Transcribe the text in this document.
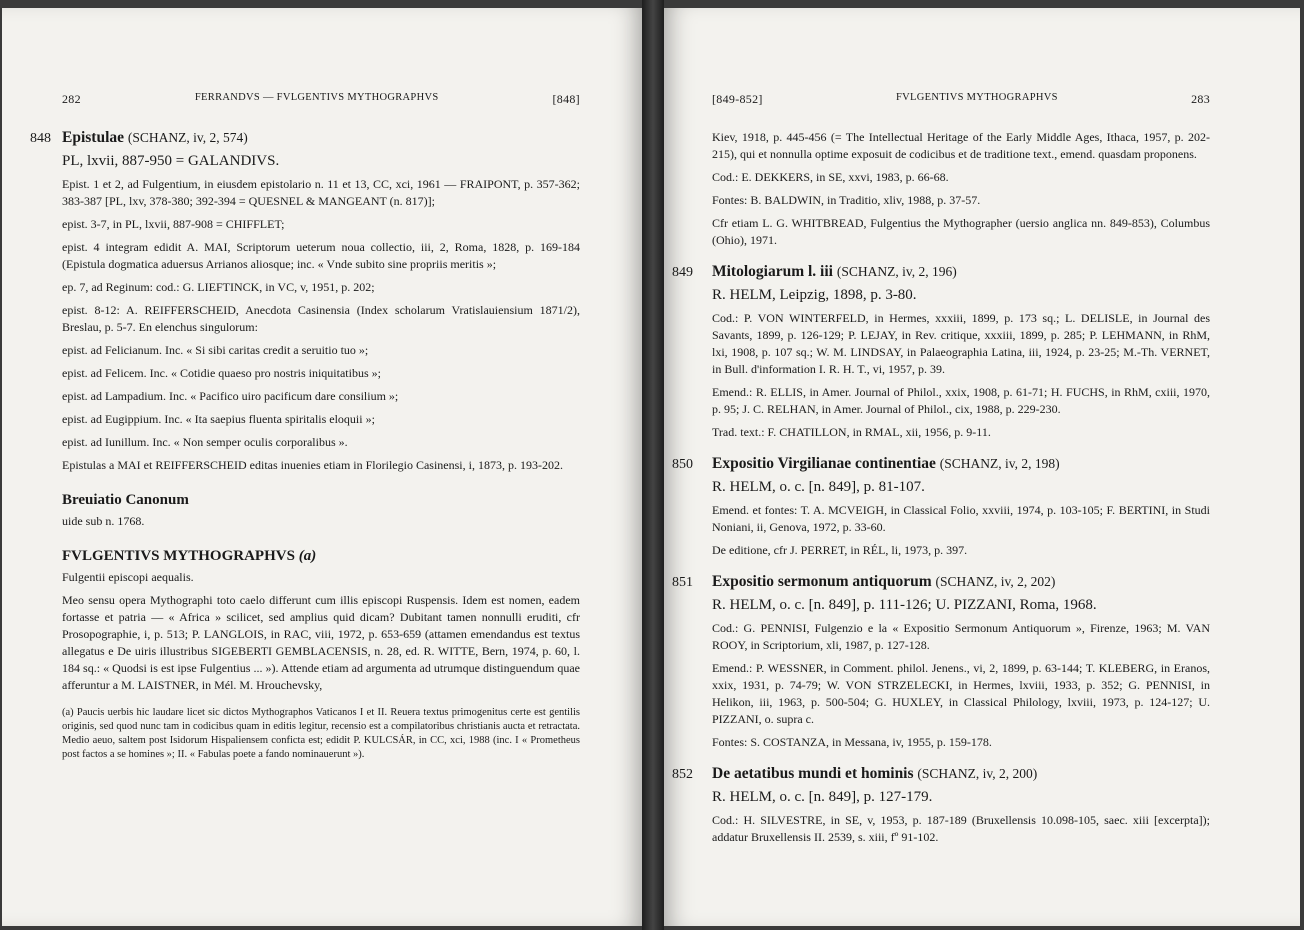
282	FERRANDVS — FVLGENTIVS MYTHOGRAPHVS	[848]
848 Epistulae (SCHANZ, iv, 2, 574)
PL, lxvii, 887-950 = GALANDIVS.

Epist. 1 et 2, ad Fulgentium, in eiusdem epistolario n. 11 et 13, CC, xci, 1961 — FRAIPONT, p. 357-362; 383-387 [PL, lxv, 378-380; 392-394 = QUESNEL & MANGEANT (n. 817)];

epist. 3-7, in PL, lxvii, 887-908 = CHIFFLET;

epist. 4 integram edidit A. MAI, Scriptorum ueterum noua collectio, iii, 2, Roma, 1828, p. 169-184 (Epistula dogmatica aduersus Arrianos aliosque; inc. « Vnde subito sine propriis meritis »;

ep. 7, ad Reginum: cod.: G. LIEFTINCK, in VC, v, 1951, p. 202;

epist. 8-12: A. REIFFERSCHEID, Anecdota Casinensia (Index scholarum Vratislauiensium 1871/2), Breslau, p. 5-7. En elenchus singulorum:

epist. ad Felicianum. Inc. « Si sibi caritas credit a seruitio tuo »;

epist. ad Felicem. Inc. « Cotidie quaeso pro nostris iniquitatibus »;

epist. ad Lampadium. Inc. « Pacifico uiro pacificum dare consilium »;

epist. ad Eugippium. Inc. « Ita saepius fluenta spiritalis eloquii »;

epist. ad Iunillum. Inc. « Non semper oculis corporalibus ».

Epistulas a MAI et REIFFERSCHEID editas inuenies etiam in Florilegio Casinensi, i, 1873, p. 193-202.

Breuiatio Canonum

uide sub n. 1768.

FVLGENTIVS MYTHOGRAPHVS (a)

Fulgentii episcopi aequalis.

Meo sensu opera Mythographi toto caelo differunt cum illis episcopi Ruspensis. Idem est nomen, eadem fortasse et patria — « Africa » scilicet, sed amplius quid dicam? Dubitant tamen nonnulli eruditi, cfr Prosopographie, i, p. 513; P. LANGLOIS, in RAC, viii, 1972, p. 653-659 (attamen emendandus est textus allegatus e De uiris illustribus SIGEBERTI GEMBLACENSIS, n. 28, ed. R. WITTE, Bern, 1974, p. 60, l. 184 sq.: « Quodsi is est ipse Fulgentius ... »). Attende etiam ad argumenta ad utrumque distinguendum quae afferuntur a M. LAISTNER, in Mél. M. Hrouchevsky,

(a) Paucis uerbis hic laudare licet sic dictos Mythographos Vaticanos I et II. Reuera textus primogenitus certe est gentilis originis, sed quod nunc tam in codicibus quam in editis legitur, recensio est a compilatoribus christianis aucta et retractata. Medio aeuo, saltem post Isidorum Hispaliensem conficta est; edidit P. KULCSÁR, in CC, xci, 1988 (inc. I « Prometheus post factos a se homines »; II. « Fabulas poete a fando nominauerunt »).
[849-852]	FVLGENTIVS MYTHOGRAPHVS	283

Kiev, 1918, p. 445-456 (= The Intellectual Heritage of the Early Middle Ages, Ithaca, 1957, p. 202-215), qui et nonnulla optime exposuit de codicibus et de traditione text., emend. quasdam proponens.

Cod.: E. DEKKERS, in SE, xxvi, 1983, p. 66-68.

Fontes: B. BALDWIN, in Traditio, xliv, 1988, p. 37-57.

Cfr etiam L. G. WHITBREAD, Fulgentius the Mythographer (uersio anglica nn. 849-853), Columbus (Ohio), 1971.

849 Mitologiarum l. iii (SCHANZ, iv, 2, 196)
R. HELM, Leipzig, 1898, p. 3-80.

Cod.: P. VON WINTERFELD, in Hermes, xxxiii, 1899, p. 173 sq.; L. DELISLE, in Journal des Savants, 1899, p. 126-129; P. LEJAY, in Rev. critique, xxxiii, 1899, p. 285; P. LEHMANN, in RhM, lxi, 1908, p. 107 sq.; W. M. LINDSAY, in Palaeographia Latina, iii, 1924, p. 23-25; M.-Th. VERNET, in Bull. d'information I. R. H. T., vi, 1957, p. 39.

Emend.: R. ELLIS, in Amer. Journal of Philol., xxix, 1908, p. 61-71; H. FUCHS, in RhM, cxiii, 1970, p. 95; J. C. RELHAN, in Amer. Journal of Philol., cix, 1988, p. 229-230.

Trad. text.: F. CHATILLON, in RMAL, xii, 1956, p. 9-11.

850 Expositio Virgilianae continentiae (SCHANZ, iv, 2, 198)
R. HELM, o. c. [n. 849], p. 81-107.

Emend. et fontes: T. A. MCVEIGH, in Classical Folio, xxviii, 1974, p. 103-105; F. BERTINI, in Studi Noniani, ii, Genova, 1972, p. 33-60.

De editione, cfr J. PERRET, in RÉL, li, 1973, p. 397.

851 Expositio sermonum antiquorum (SCHANZ, iv, 2, 202)
R. HELM, o. c. [n. 849], p. 111-126; U. PIZZANI, Roma, 1968.

Cod.: G. PENNISI, Fulgenzio e la « Expositio Sermonum Antiquorum », Firenze, 1963; M. VAN ROOY, in Scriptorium, xli, 1987, p. 127-128.

Emend.: P. WESSNER, in Comment. philol. Jenens., vi, 2, 1899, p. 63-144; T. KLEBERG, in Eranos, xxix, 1931, p. 74-79; W. VON STRZELECKI, in Hermes, lxviii, 1933, p. 352; G. PENNISI, in Helikon, iii, 1963, p. 500-504; G. HUXLEY, in Classical Philology, lxviii, 1973, p. 124-127; U. PIZZANI, o. supra c.

Fontes: S. COSTANZA, in Messana, iv, 1955, p. 159-178.

852 De aetatibus mundi et hominis (SCHANZ, iv, 2, 200)
R. HELM, o. c. [n. 849], p. 127-179.

Cod.: H. SILVESTRE, in SE, v, 1953, p. 187-189 (Bruxellensis 10.098-105, saec. xiii [excerpta]); addatur Bruxellensis II. 2539, s. xiii, fº 91-102.
